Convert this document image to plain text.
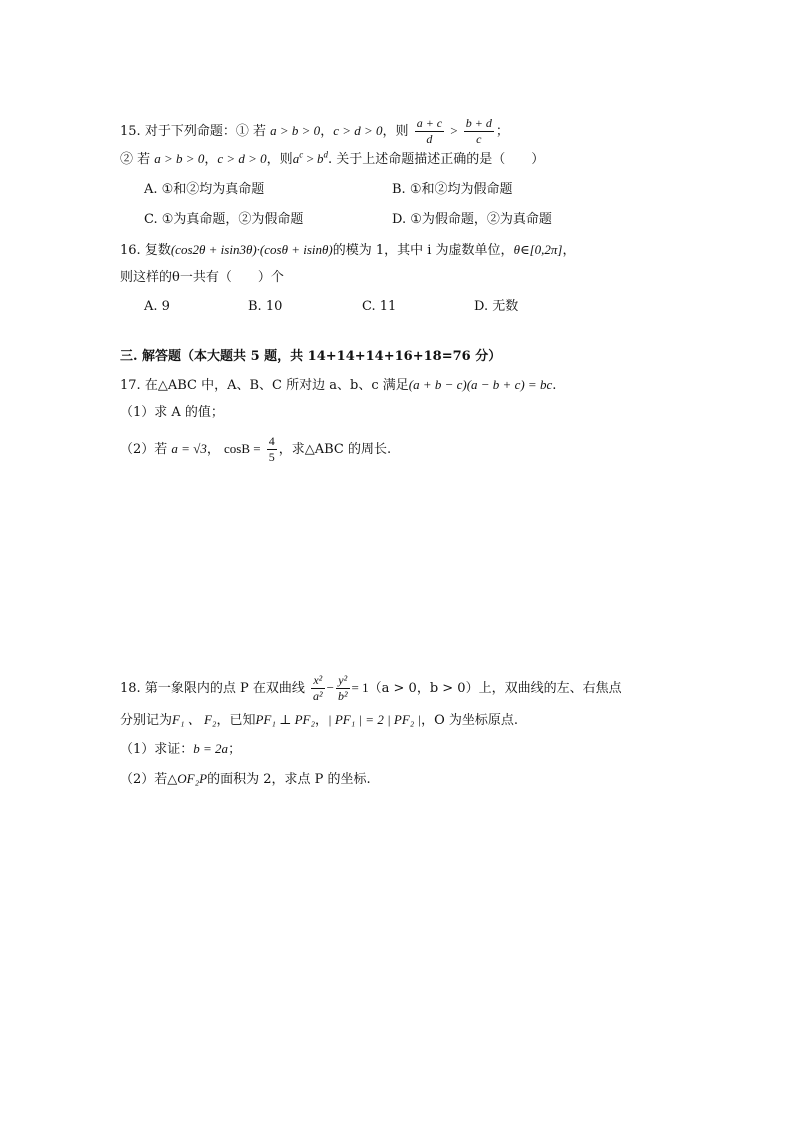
15. 对于下列命题：① 若 a > b > 0，c > d > 0，则 $\frac{a + c}{d} > \frac{b + d}{c}$ ；
② 若 a > b > 0，c > d > 0，则$a^c > b^d$. 关于上述命题描述正确的是（　　）
A. ①和②均为真命题	B. ①和②均为假命题
C. ①为真命题，②为假命题	D. ①为假命题，②为真命题
16. 复数(cos2θ + isin3θ)·(cosθ + isinθ)的模为 1，其中 i 为虚数单位，θ∈[0,2π]，
则这样的θ一共有（　　）个
A. 9	B. 10	C. 11	D. 无数
三. 解答题（本大题共 5 题，共 14+14+14+16+18=76 分）
17. 在△ABC 中，A、B、C 所对边 a、b、c 满足(a + b − c)(a − b + c) = bc.
（1）求 A 的值；
（2）若 a = √3， $\cos B = \frac{4}{5}$ ，求△ABC 的周长.
18. 第一象限内的点 P 在双曲线 $\frac{\text{x²}}{\text{a²}} - \frac{\text{y²}}{\text{b²}} = 1(a > 0$，b > 0）上，双曲线的左、右焦点
分别记为F₁ 、 F₂，已知PF₁ ⊥ PF₂，| PF₁ | = 2 | PF₂ |，O 为坐标原点.
（1）求证：b = 2a；
（2）若△OF₂P的面积为 2，求点 P 的坐标.
